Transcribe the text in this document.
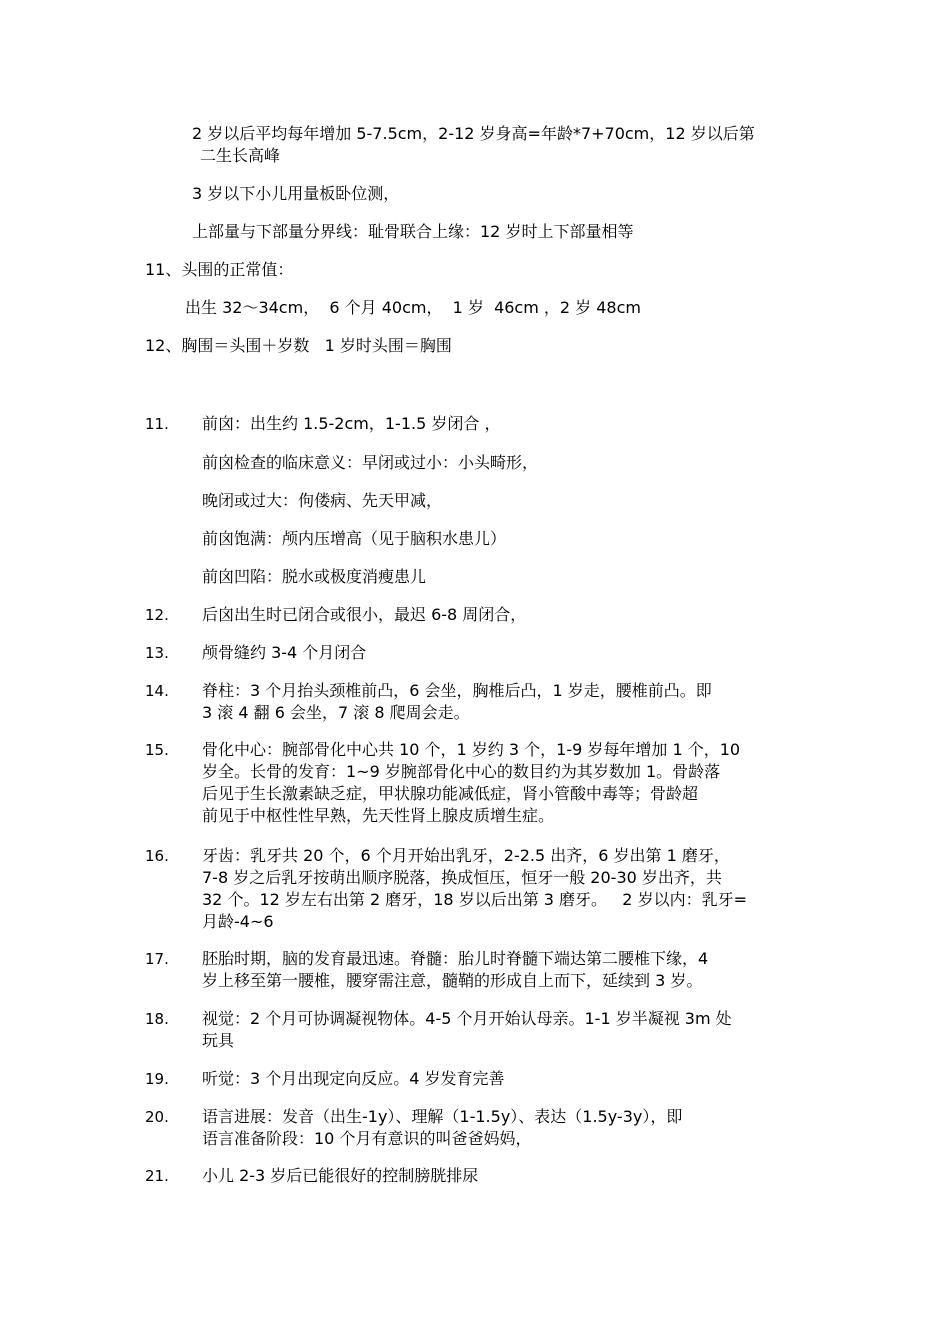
2 岁以后平均每年增加 5-7.5cm，2-12 岁身高=年龄*7+70cm，12 岁以后第
二生长高峰
3 岁以下小儿用量板卧位测，
上部量与下部量分界线：耻骨联合上缘：12 岁时上下部量相等
11、头围的正常值：
出生 32～34cm，  6 个月 40cm，  1 岁  46cm ，2 岁 48cm
12、胸围＝头围＋岁数   1 岁时头围＝胸围
11. 前囟：出生约 1.5-2cm，1-1.5 岁闭合 ，
前囟检查的临床意义：早闭或过小：小头畸形，
晚闭或过大：佝偻病、先天甲减，
前囟饱满：颅内压增高（见于脑积水患儿）
前囟凹陷：脱水或极度消瘦患儿
12. 后囟出生时已闭合或很小，最迟 6-8 周闭合，
13. 颅骨缝约 3-4 个月闭合
14. 脊柱：3 个月抬头颈椎前凸，6 会坐，胸椎后凸，1 岁走，腰椎前凸。即
3 滚 4 翻 6 会坐，7 滚 8 爬周会走。
15. 骨化中心：腕部骨化中心共 10 个，1 岁约 3 个，1-9 岁每年增加 1 个，10
岁全。长骨的发育：1~9 岁腕部骨化中心的数目约为其岁数加 1。骨龄落
后见于生长激素缺乏症，甲状腺功能减低症，肾小管酸中毒等；骨龄超
前见于中枢性性早熟，先天性肾上腺皮质增生症。
16. 牙齿：乳牙共 20 个，6 个月开始出乳牙，2-2.5 出齐，6 岁出第 1 磨牙，
7-8 岁之后乳牙按萌出顺序脱落，换成恒压，恒牙一般 20-30 岁出齐，共
32 个。12 岁左右出第 2 磨牙，18 岁以后出第 3 磨牙。   2 岁以内：乳牙=
月龄-4~6
17. 胚胎时期，脑的发育最迅速。脊髓：胎儿时脊髓下端达第二腰椎下缘，4
岁上移至第一腰椎，腰穿需注意，髓鞘的形成自上而下，延续到 3 岁。
18. 视觉：2 个月可协调凝视物体。4-5 个月开始认母亲。1-1 岁半凝视 3m 处
玩具
19. 听觉：3 个月出现定向反应。4 岁发育完善
20. 语言进展：发音（出生-1y）、理解（1-1.5y）、表达（1.5y-3y），即
语言准备阶段：10 个月有意识的叫爸爸妈妈，
21. 小儿 2-3 岁后已能很好的控制膀胱排尿
